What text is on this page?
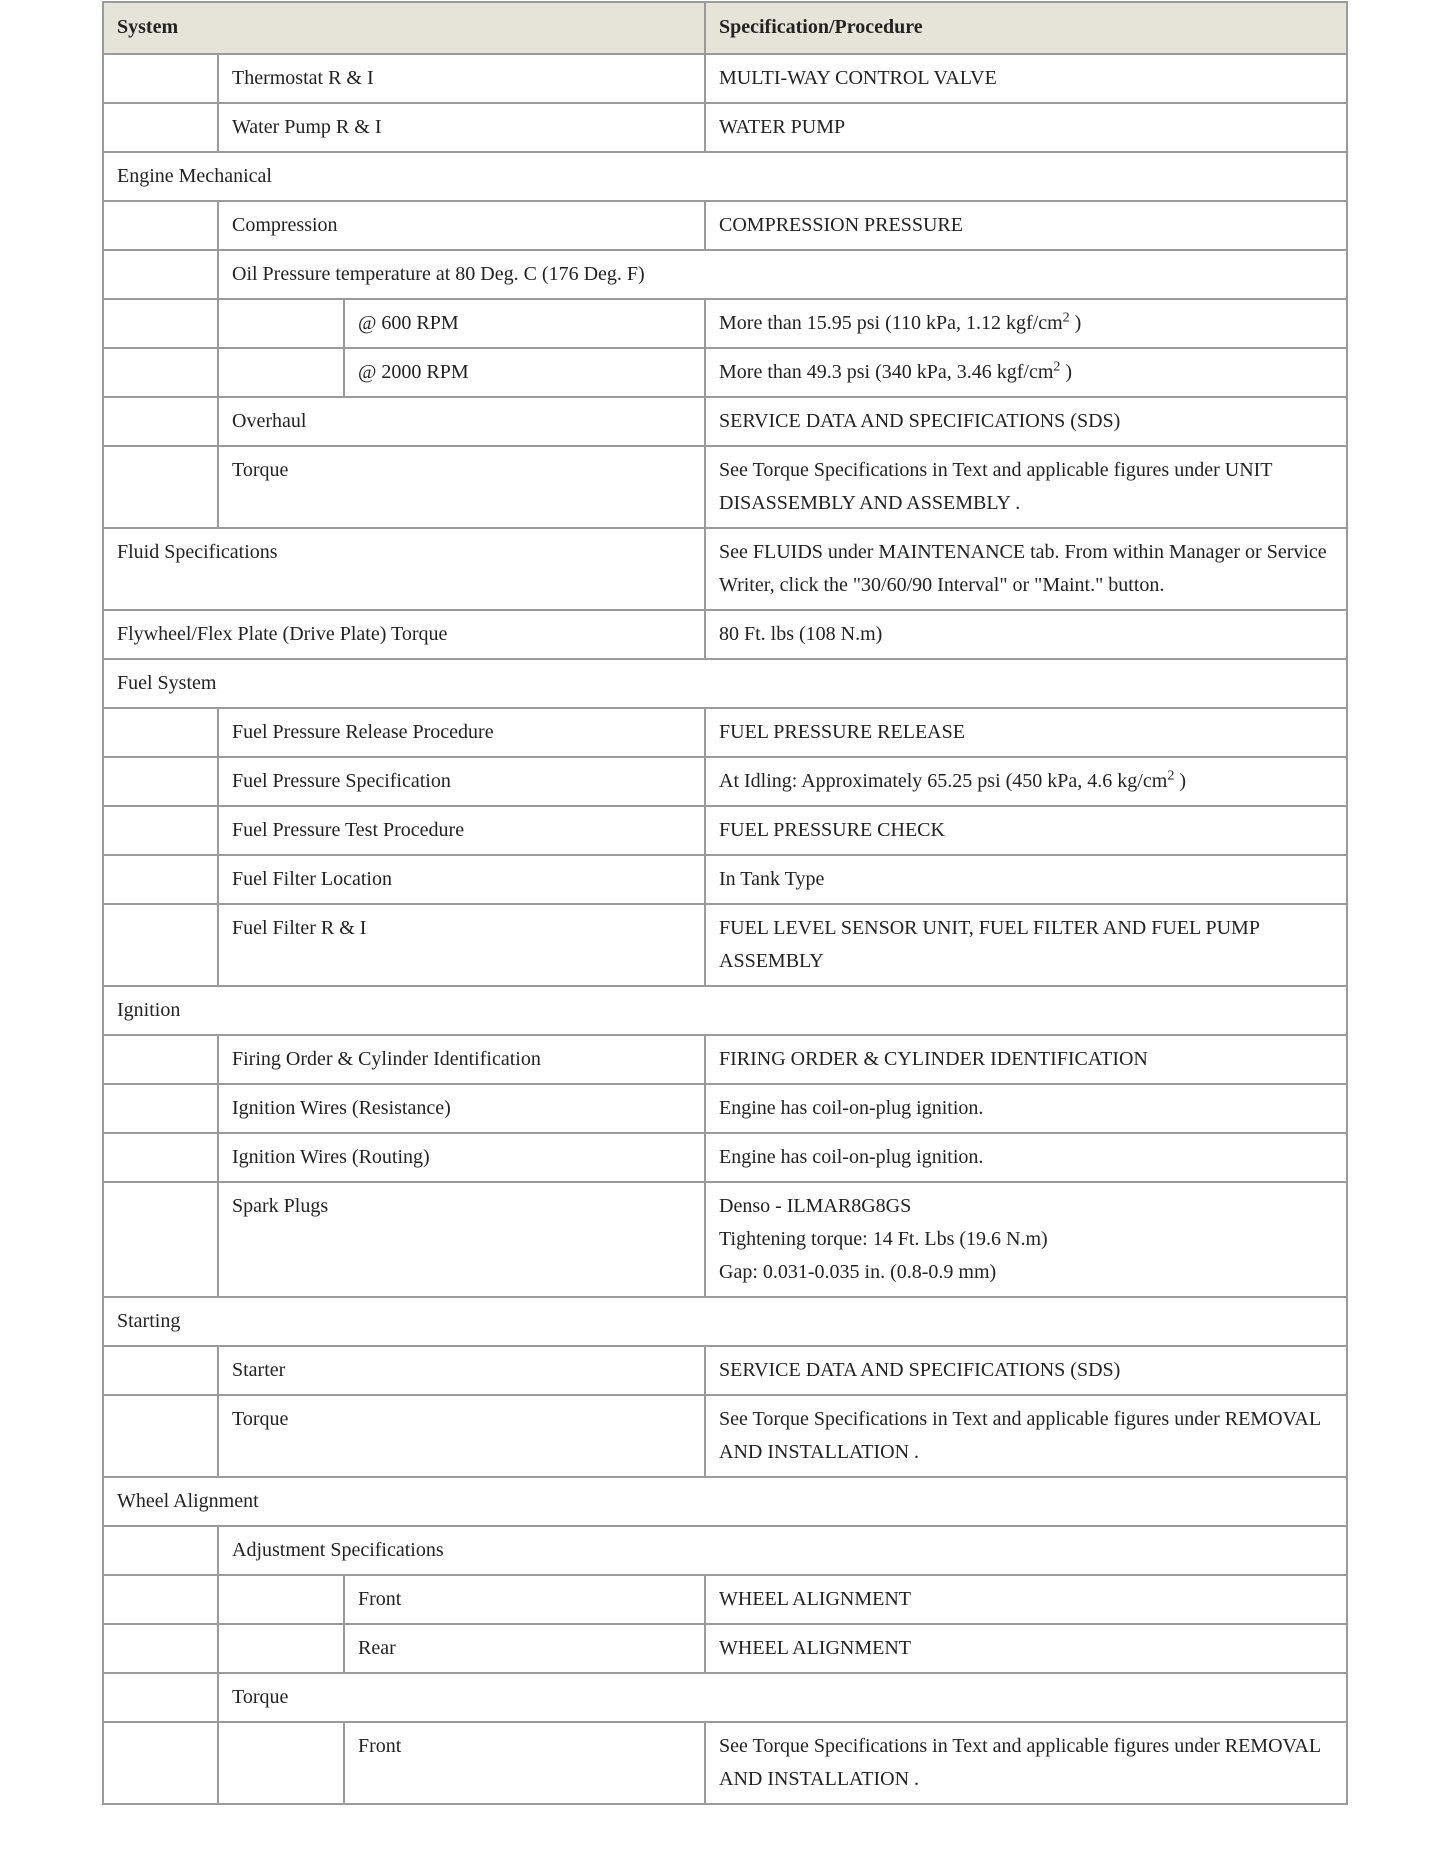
System			Specification/Procedure
	Thermostat R & I		MULTI-WAY CONTROL VALVE

	Water Pump R & I		WATER PUMP

Engine Mechanical			
	Compression		COMPRESSION PRESSURE

	Oil Pressure temperature at 80 Deg. C (176 Deg. F)		
		@ 600 RPM	More than 15.95 psi (110 kPa, 1.12 kgf/$cm^2$ )

		@ 2000 RPM	More than 49.3 psi (340 kPa, 3.46 kgf/$cm^2$ )

	Overhaul		SERVICE DATA AND SPECIFICATIONS (SDS)

	Torque		See Torque Specifications in Text and applicable figures under UNIT DISASSEMBLY AND ASSEMBLY .

Fluid Specifications			See FLUIDS under MAINTENANCE tab. From within Manager or Service Writer, click the "30/60/90 Interval" or "Maint." button.

Flywheel/Flex Plate (Drive Plate) Torque			80 Ft. lbs (108 N.m)

Fuel System			
	Fuel Pressure Release Procedure		FUEL PRESSURE RELEASE

	Fuel Pressure Specification		At Idling: Approximately 65.25 psi (450 kPa, 4.6 $kg/cm^2$ )

	Fuel Pressure Test Procedure		FUEL PRESSURE CHECK

	Fuel Filter Location		In Tank Type

	Fuel Filter R & I		FUEL LEVEL SENSOR UNIT, FUEL FILTER AND FUEL PUMP ASSEMBLY

Ignition			
	Firing Order & Cylinder Identification		FIRING ORDER & CYLINDER IDENTIFICATION

	Ignition Wires (Resistance)		Engine has coil-on-plug ignition.

	Ignition Wires (Routing)		Engine has coil-on-plug ignition.

	Spark Plugs		Denso - ILMAR8G8GS
Tightening torque: 14 Ft. Lbs (19.6 N.m)
Gap: 0.031-0.035 in. (0.8-0.9 mm)

Starting			
	Starter		SERVICE DATA AND SPECIFICATIONS (SDS)

	Torque		See Torque Specifications in Text and applicable figures under REMOVAL AND INSTALLATION .

Wheel Alignment			
	Adjustment Specifications		
		Front	WHEEL ALIGNMENT

		Rear	WHEEL ALIGNMENT

	Torque		
		Front	See Torque Specifications in Text and applicable figures under REMOVAL AND INSTALLATION .
